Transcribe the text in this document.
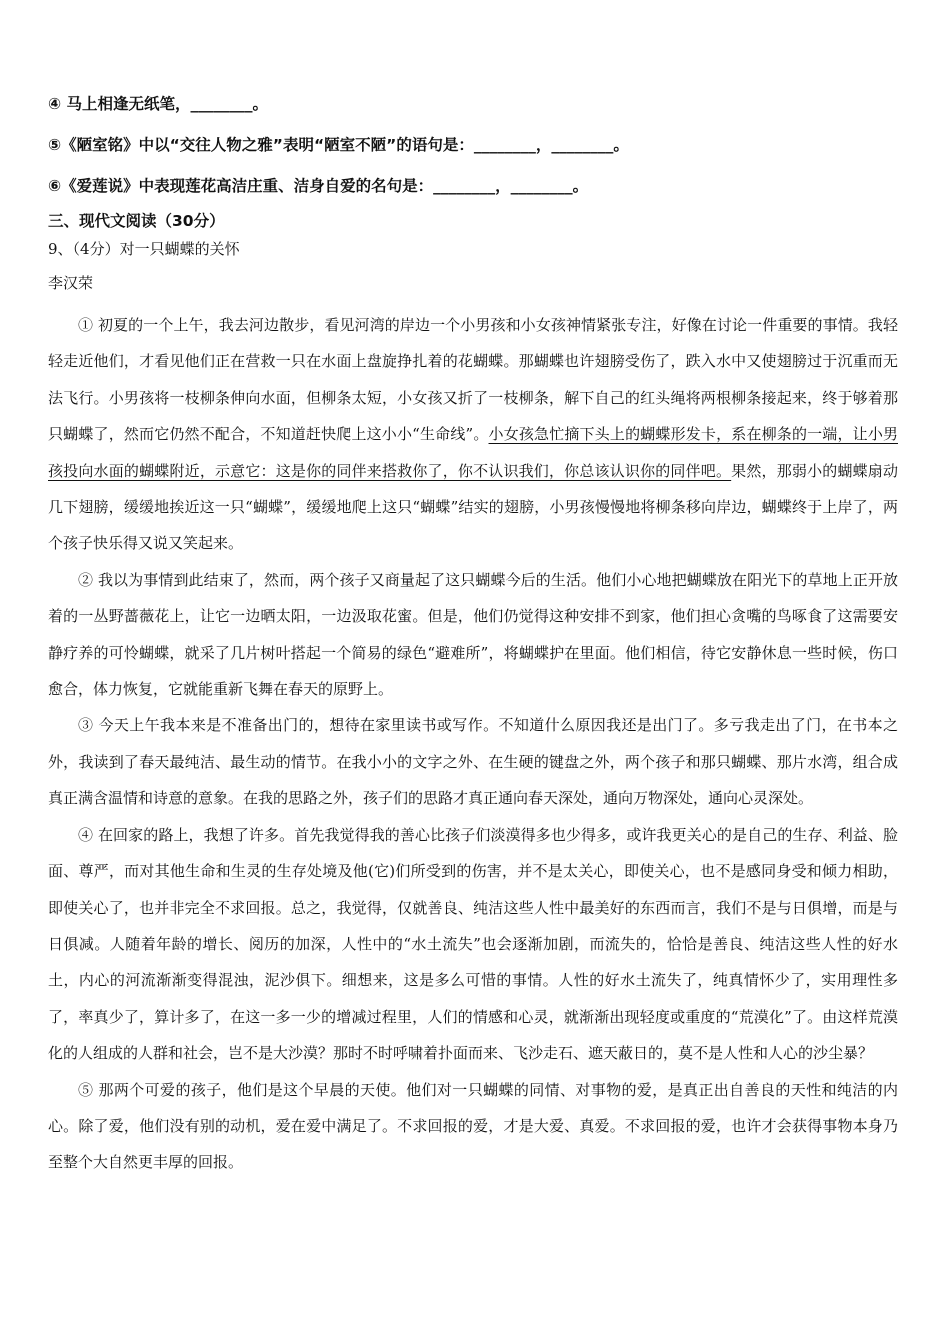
④ 马上相逢无纸笔，________。
⑤《陋室铭》中以“交往人物之雅”表明“陋室不陋”的语句是：________，________。
⑥《爱莲说》中表现莲花高洁庄重、洁身自爱的名句是：________，________。
三、现代文阅读（30分）
9、（4分）对一只蝴蝶的关怀
李汉荣

① 初夏的一个上午，我去河边散步，看见河湾的岸边一个小男孩和小女孩神情紧张专注，好像在讨论一件重要的事情。我轻轻走近他们，才看见他们正在营救一只在水面上盘旋挣扎着的花蝴蝶。那蝴蝶也许翅膀受伤了，跌入水中又使翅膀过于沉重而无法飞行。小男孩将一枝柳条伸向水面，但柳条太短，小女孩又折了一枝柳条，解下自己的红头绳将两根柳条接起来，终于够着那只蝴蝶了，然而它仍然不配合，不知道赶快爬上这小小“生命线”。小女孩急忙摘下头上的蝴蝶形发卡，系在柳条的一端，让小男孩投向水面的蝴蝶附近，示意它：这是你的同伴来搭救你了，你不认识我们，你总该认识你的同伴吧。果然，那弱小的蝴蝶扇动几下翅膀，缓缓地挨近这一只“蝴蝶”，缓缓地爬上这只“蝴蝶”结实的翅膀，小男孩慢慢地将柳条移向岸边，蝴蝶终于上岸了，两个孩子快乐得又说又笑起来。

② 我以为事情到此结束了，然而，两个孩子又商量起了这只蝴蝶今后的生活。他们小心地把蝴蝶放在阳光下的草地上正开放着的一丛野蔷薇花上，让它一边晒太阳，一边汲取花蜜。但是，他们仍觉得这种安排不到家，他们担心贪嘴的鸟啄食了这需要安静疗养的可怜蝴蝶，就采了几片树叶搭起一个简易的绿色“避难所”，将蝴蝶护在里面。他们相信，待它安静休息一些时候，伤口愈合，体力恢复，它就能重新飞舞在春天的原野上。

③ 今天上午我本来是不准备出门的，想待在家里读书或写作。不知道什么原因我还是出门了。多亏我走出了门，在书本之外，我读到了春天最纯洁、最生动的情节。在我小小的文字之外、在生硬的键盘之外，两个孩子和那只蝴蝶、那片水湾，组合成真正满含温情和诗意的意象。在我的思路之外，孩子们的思路才真正通向春天深处，通向万物深处，通向心灵深处。

④ 在回家的路上，我想了许多。首先我觉得我的善心比孩子们淡漠得多也少得多，或许我更关心的是自己的生存、利益、脸面、尊严，而对其他生命和生灵的生存处境及他(它)们所受到的伤害，并不是太关心，即使关心，也不是感同身受和倾力相助，即使关心了，也并非完全不求回报。总之，我觉得，仅就善良、纯洁这些人性中最美好的东西而言，我们不是与日俱增，而是与日俱减。人随着年龄的增长、阅历的加深，人性中的“水土流失”也会逐渐加剧，而流失的，恰恰是善良、纯洁这些人性的好水土，内心的河流渐渐变得混浊，泥沙俱下。细想来，这是多么可惜的事情。人性的好水土流失了，纯真情怀少了，实用理性多了，率真少了，算计多了，在这一多一少的增减过程里，人们的情感和心灵，就渐渐出现轻度或重度的“荒漠化”了。由这样荒漠化的人组成的人群和社会，岂不是大沙漠？那时不时呼啸着扑面而来、飞沙走石、遮天蔽日的，莫不是人性和人心的沙尘暴？

⑤ 那两个可爱的孩子，他们是这个早晨的天使。他们对一只蝴蝶的同情、对事物的爱，是真正出自善良的天性和纯洁的内心。除了爱，他们没有别的动机，爱在爱中满足了。不求回报的爱，才是大爱、真爱。不求回报的爱，也许才会获得事物本身乃至整个大自然更丰厚的回报。
